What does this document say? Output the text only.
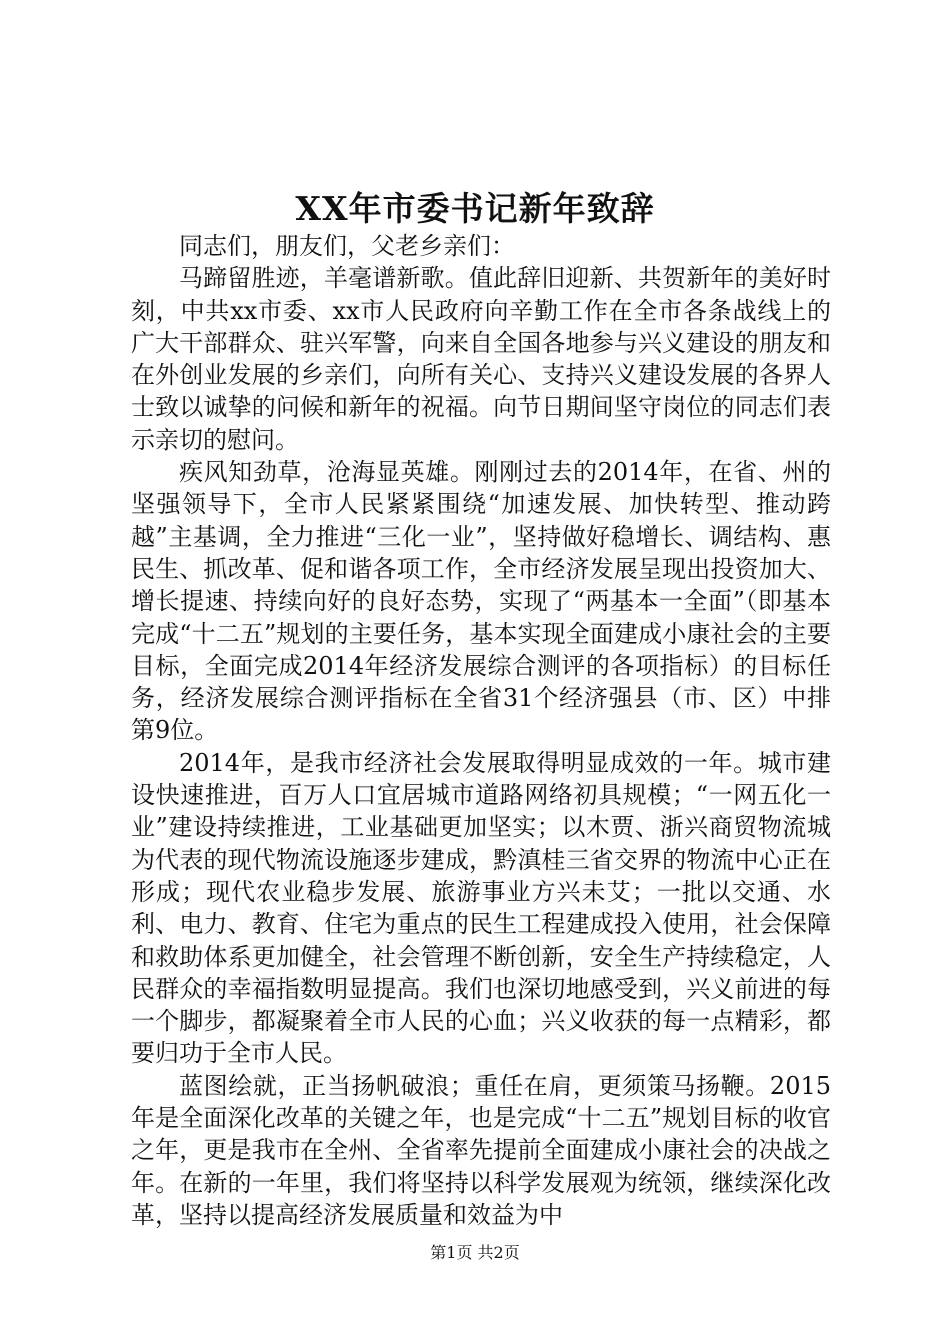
XX年市委书记新年致辞

同志们，朋友们，父老乡亲们：

马蹄留胜迹，羊毫谱新歌。值此辞旧迎新、共贺新年的美好时刻，中共xx市委、xx市人民政府向辛勤工作在全市各条战线上的广大干部群众、驻兴军警，向来自全国各地参与兴义建设的朋友和在外创业发展的乡亲们，向所有关心、支持兴义建设发展的各界人士致以诚挚的问候和新年的祝福。向节日期间坚守岗位的同志们表示亲切的慰问。

疾风知劲草，沧海显英雄。刚刚过去的2014年，在省、州的坚强领导下，全市人民紧紧围绕“加速发展、加快转型、推动跨越”主基调，全力推进“三化一业”，坚持做好稳增长、调结构、惠民生、抓改革、促和谐各项工作，全市经济发展呈现出投资加大、增长提速、持续向好的良好态势，实现了“两基本一全面”（即基本完成“十二五”规划的主要任务，基本实现全面建成小康社会的主要目标，全面完成2014年经济发展综合测评的各项指标）的目标任务，经济发展综合测评指标在全省31个经济强县（市、区）中排第9位。

2014年，是我市经济社会发展取得明显成效的一年。城市建设快速推进，百万人口宜居城市道路网络初具规模；“一网五化一业”建设持续推进，工业基础更加坚实；以木贾、浙兴商贸物流城为代表的现代物流设施逐步建成，黔滇桂三省交界的物流中心正在形成；现代农业稳步发展、旅游事业方兴未艾；一批以交通、水利、电力、教育、住宅为重点的民生工程建成投入使用，社会保障和救助体系更加健全，社会管理不断创新，安全生产持续稳定，人民群众的幸福指数明显提高。我们也深切地感受到，兴义前进的每一个脚步，都凝聚着全市人民的心血；兴义收获的每一点精彩，都要归功于全市人民。

蓝图绘就，正当扬帆破浪；重任在肩，更须策马扬鞭。2015年是全面深化改革的关键之年，也是完成“十二五”规划目标的收官之年，更是我市在全州、全省率先提前全面建成小康社会的决战之年。在新的一年里，我们将坚持以科学发展观为统领，继续深化改革，坚持以提高经济发展质量和效益为中

第1页 共2页
